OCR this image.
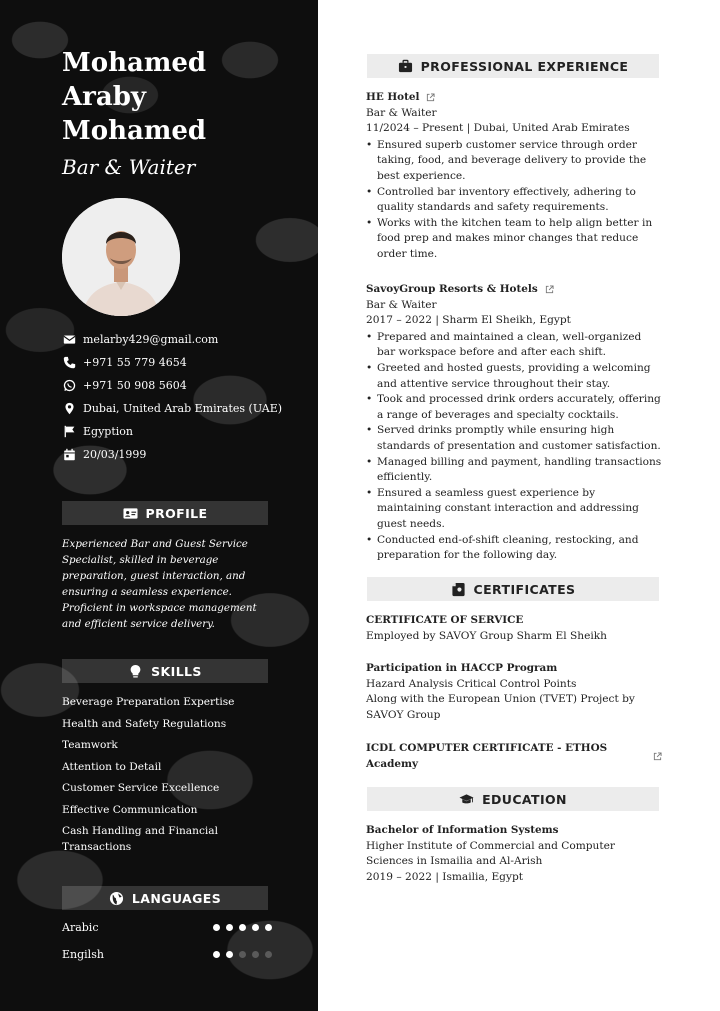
Mohamed
Araby
Mohamed
Bar & Waiter
melarby429@gmail.com
+971 55 779 4654
+971 50 908 5604
Dubai, United Arab Emirates (UAE)
Egyption
20/03/1999
PROFILE
Experienced Bar and Guest Service Specialist, skilled in beverage preparation, guest interaction, and ensuring a seamless experience. Proficient in workspace management and efficient service delivery.
SKILLS
Beverage Preparation Expertise
Health and Safety Regulations
Teamwork
Attention to Detail
Customer Service Excellence
Effective Communication
Cash Handling and Financial Transactions
LANGUAGES
Arabic
Engilsh
PROFESSIONAL EXPERIENCE
HE Hotel
Bar & Waiter
11/2024 – Present | Dubai, United Arab Emirates
• Ensured superb customer service through order taking, food, and beverage delivery to provide the best experience.
• Controlled bar inventory effectively, adhering to quality standards and safety requirements.
• Works with the kitchen team to help align better in food prep and makes minor changes that reduce order time.
SavoyGroup Resorts & Hotels
Bar & Waiter
2017 – 2022 | Sharm El Sheikh, Egypt
• Prepared and maintained a clean, well-organized bar workspace before and after each shift.
• Greeted and hosted guests, providing a welcoming and attentive service throughout their stay.
• Took and processed drink orders accurately, offering a range of beverages and specialty cocktails.
• Served drinks promptly while ensuring high standards of presentation and customer satisfaction.
• Managed billing and payment, handling transactions efficiently.
• Ensured a seamless guest experience by maintaining constant interaction and addressing guest needs.
• Conducted end-of-shift cleaning, restocking, and preparation for the following day.
CERTIFICATES
CERTIFICATE OF SERVICE
Employed by SAVOY Group Sharm El Sheikh
Participation in HACCP Program
Hazard Analysis Critical Control Points
Along with the European Union (TVET) Project by SAVOY Group
ICDL COMPUTER CERTIFICATE - ETHOS Academy
EDUCATION
Bachelor of Information Systems
Higher Institute of Commercial and Computer Sciences in Ismailia and Al-Arish
2019 – 2022 | Ismailia, Egypt
